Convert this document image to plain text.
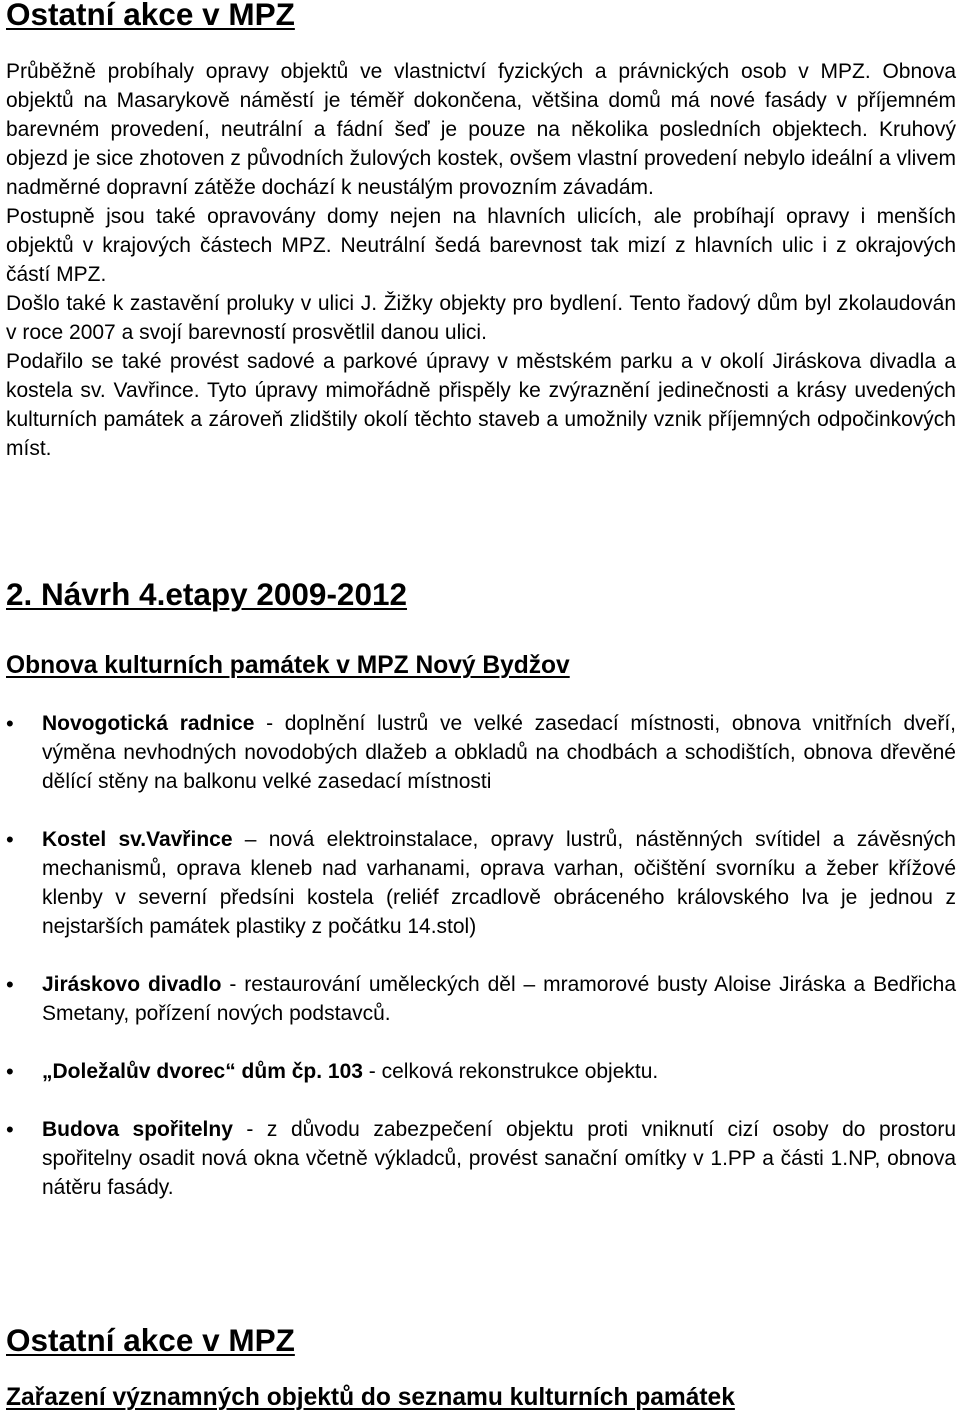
Ostatní akce v MPZ

Průběžně probíhaly opravy objektů ve vlastnictví fyzických a právnických osob v MPZ. Obnova objektů na Masarykově náměstí je téměř dokončena, většina domů má nové fasády v příjemném barevném provedení, neutrální a fádní šeď je pouze na několika posledních objektech. Kruhový objezd je sice zhotoven z původních žulových kostek, ovšem vlastní provedení nebylo ideální a vlivem nadměrné dopravní zátěže dochází k neustálým provozním závadám.

Postupně jsou také opravovány domy nejen na hlavních ulicích, ale probíhají opravy i menších objektů v krajových částech MPZ. Neutrální šedá barevnost tak mizí z hlavních ulic i z okrajových částí MPZ.

Došlo také k zastavění proluky v ulici J. Žižky objekty pro bydlení. Tento řadový dům byl zkolaudován v roce 2007 a svojí barevností prosvětlil danou ulici.

Podařilo se také provést sadové a parkové úpravy v městském parku a v okolí Jiráskova divadla a kostela sv. Vavřince. Tyto úpravy mimořádně přispěly ke zvýraznění jedinečnosti a krásy uvedených kulturních památek a zároveň zlidštily okolí těchto staveb a umožnily vznik příjemných odpočinkových míst.

2. Návrh 4.etapy 2009-2012
Obnova kulturních památek v MPZ Nový Bydžov
•	Novogotická radnice - doplnění lustrů ve velké zasedací místnosti, obnova vnitřních dveří, výměna nevhodných novodobých dlažeb a obkladů na chodbách a schodištích, obnova dřevěné dělící stěny na balkonu velké zasedací místnosti
•	Kostel sv.Vavřince – nová elektroinstalace, opravy lustrů, nástěnných svítidel a závěsných mechanismů, oprava kleneb nad varhanami, oprava varhan, očištění svorníku a žeber křížové klenby v severní předsíni kostela (reliéf zrcadlově obráceného královského lva je jednou z nejstarších památek plastiky z počátku 14.stol)
•	Jiráskovo divadlo - restaurování uměleckých děl – mramorové busty Aloise Jiráska a Bedřicha Smetany, pořízení nových podstavců.
•	„Doležalův dvorec“ dům čp. 103 - celková rekonstrukce objektu.
•	Budova spořitelny - z důvodu zabezpečení objektu proti vniknutí cizí osoby do prostoru spořitelny osadit nová okna včetně výkladců, provést sanační omítky v 1.PP a části 1.NP, obnova nátěru fasády.
Ostatní akce v MPZ
Zařazení významných objektů do seznamu kulturních památek
